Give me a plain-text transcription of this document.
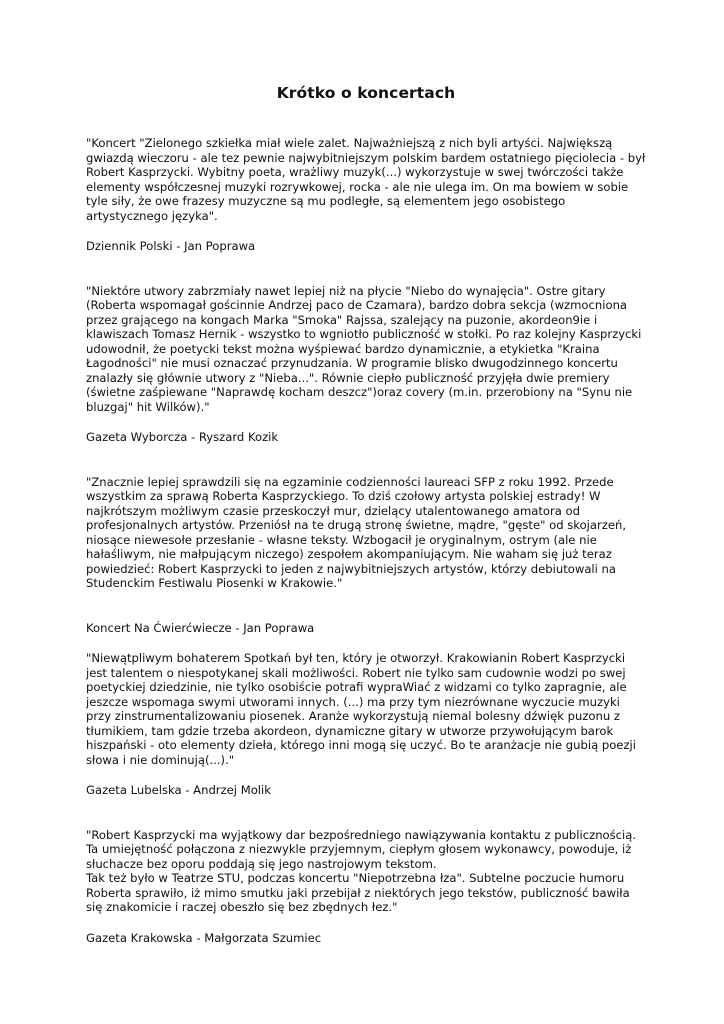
Krótko o koncertach

"Koncert "Zielonego szkiełka miał wiele zalet. Najważniejszą z nich byli artyści. Największą gwiazdą wieczoru - ale tez pewnie najwybitniejszym polskim bardem ostatniego pięciolecia - był Robert Kasprzycki. Wybitny poeta, wrażliwy muzyk(...) wykorzystuje w swej twórczości także elementy współczesnej muzyki rozrywkowej, rocka - ale nie ulega im. On ma bowiem w sobie tyle siły, że owe frazesy muzyczne są mu podległe, są elementem jego osobistego artystycznego języka".

Dziennik Polski - Jan Poprawa

"Niektóre utwory zabrzmiały nawet lepiej niż na płycie "Niebo do wynajęcia". Ostre gitary (Roberta wspomagał gościnnie Andrzej paco de Czamara), bardzo dobra sekcja (wzmocniona przez grającego na kongach Marka "Smoka" Rajssa, szalejący na puzonie, akordeon9ie i klawiszach Tomasz Hernik - wszystko to wgniotło publiczność w stołki. Po raz kolejny Kasprzycki udowodnił, że poetycki tekst można wyśpiewać bardzo dynamicznie, a etykietka "Kraina Łagodności" nie musi oznaczać przynudzania. W programie blisko dwugodzinnego koncertu znalazły się głównie utwory z "Nieba...". Równie ciepło publiczność przyjęła dwie premiery (świetne zaśpiewane "Naprawdę kocham deszcz")oraz covery (m.in. przerobiony na "Synu nie bluzgaj" hit Wilków)."

Gazeta Wyborcza - Ryszard Kozik

"Znacznie lepiej sprawdzili się na egzaminie codzienności laureaci SFP z roku 1992. Przede wszystkim za sprawą Roberta Kasprzyckiego. To dziś czołowy artysta polskiej estrady! W najkrótszym możliwym czasie przeskoczył mur, dzielący utalentowanego amatora od profesjonalnych artystów. Przeniósł na te drugą stronę świetne, mądre, "gęste" od skojarzeń, niosące niewesołe przesłanie - własne teksty. Wzbogacił je oryginalnym, ostrym (ale nie hałaśliwym, nie małpującym niczego) zespołem akompaniującym. Nie waham się już teraz powiedzieć: Robert Kasprzycki to jeden z najwybitniejszych artystów, którzy debiutowali na Studenckim Festiwalu Piosenki w Krakowie."

Koncert Na Ćwierćwiecze - Jan Poprawa

"Niewątpliwym bohaterem Spotkań był ten, który je otworzył. Krakowianin Robert Kasprzycki jest talentem o niespotykanej skali możliwości. Robert nie tylko sam cudownie wodzi po swej poetyckiej dziedzinie, nie tylko osobiście potrafi wypraWiać z widzami co tylko zapragnie, ale jeszcze wspomaga swymi utworami innych. (...) ma przy tym niezrównane wyczucie muzyki przy zinstrumentalizowaniu piosenek. Aranże wykorzystują niemal bolesny dźwięk puzonu z tłumikiem, tam gdzie trzeba akordeon, dynamiczne gitary w utworze przywołującym barok hiszpański - oto elementy dzieła, którego inni mogą się uczyć. Bo te aranżacje nie gubią poezji słowa i nie dominują(...)."

Gazeta Lubelska - Andrzej Molik

"Robert Kasprzycki ma wyjątkowy dar bezpośredniego nawiązywania kontaktu z publicznością. Ta umiejętność połączona z niezwykle przyjemnym, ciepłym głosem wykonawcy, powoduje, iż słuchacze bez oporu poddają się jego nastrojowym tekstom.

Tak też było w Teatrze STU, podczas koncertu "Niepotrzebna łza". Subtelne poczucie humoru Roberta sprawiło, iż mimo smutku jaki przebijał z niektórych jego tekstów, publiczność bawiła się znakomicie i raczej obeszło się bez zbędnych łez."

Gazeta Krakowska - Małgorzata Szumiec
